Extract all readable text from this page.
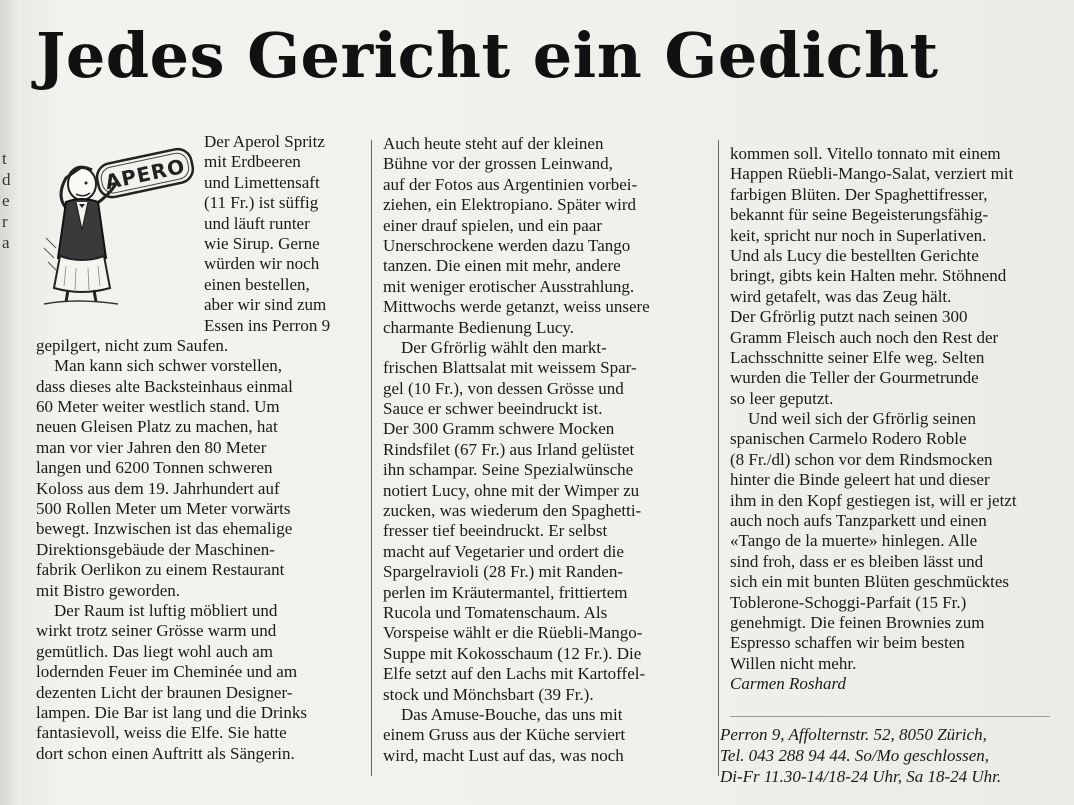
t
d
e
r
a
Jedes Gericht ein Gedicht
APERO
Der Aperol Spritz
mit Erdbeeren
und Limettensaft
(11 Fr.) ist süffig
und läuft runter
wie Sirup. Gerne
würden wir noch
einen bestellen,
aber wir sind zum
Essen ins Perron 9
gepilgert, nicht zum Saufen.
Man kann sich schwer vorstellen,
dass dieses alte Backsteinhaus einmal
60 Meter weiter westlich stand. Um
neuen Gleisen Platz zu machen, hat
man vor vier Jahren den 80 Meter
langen und 6200 Tonnen schweren
Koloss aus dem 19. Jahrhundert auf
500 Rollen Meter um Meter vorwärts
bewegt. Inzwischen ist das ehemalige
Direktionsgebäude der Maschinen-
fabrik Oerlikon zu einem Restaurant
mit Bistro geworden.
Der Raum ist luftig möbliert und
wirkt trotz seiner Grösse warm und
gemütlich. Das liegt wohl auch am
lodernden Feuer im Cheminée und am
dezenten Licht der braunen Designer-
lampen. Die Bar ist lang und die Drinks
fantasievoll, weiss die Elfe. Sie hatte
dort schon einen Auftritt als Sängerin.
Auch heute steht auf der kleinen
Bühne vor der grossen Leinwand,
auf der Fotos aus Argentinien vorbei-
ziehen, ein Elektropiano. Später wird
einer drauf spielen, und ein paar
Unerschrockene werden dazu Tango
tanzen. Die einen mit mehr, andere
mit weniger erotischer Ausstrahlung.
Mittwochs werde getanzt, weiss unsere
charmante Bedienung Lucy.
Der Gfrörlig wählt den markt-
frischen Blattsalat mit weissem Spar-
gel (10 Fr.), von dessen Grösse und
Sauce er schwer beeindruckt ist.
Der 300 Gramm schwere Mocken
Rindsfilet (67 Fr.) aus Irland gelüstet
ihn schampar. Seine Spezialwünsche
notiert Lucy, ohne mit der Wimper zu
zucken, was wiederum den Spaghetti-
fresser tief beeindruckt. Er selbst
macht auf Vegetarier und ordert die
Spargelravioli (28 Fr.) mit Randen-
perlen im Kräutermantel, frittiertem
Rucola und Tomatenschaum. Als
Vorspeise wählt er die Rüebli-Mango-
Suppe mit Kokosschaum (12 Fr.). Die
Elfe setzt auf den Lachs mit Kartoffel-
stock und Mönchsbart (39 Fr.).
Das Amuse-Bouche, das uns mit
einem Gruss aus der Küche serviert
wird, macht Lust auf das, was noch
kommen soll. Vitello tonnato mit einem
Happen Rüebli-Mango-Salat, verziert mit
farbigen Blüten. Der Spaghettifresser,
bekannt für seine Begeisterungsfähig-
keit, spricht nur noch in Superlativen.
Und als Lucy die bestellten Gerichte
bringt, gibts kein Halten mehr. Stöhnend
wird getafelt, was das Zeug hält.
Der Gfrörlig putzt nach seinen 300
Gramm Fleisch auch noch den Rest der
Lachsschnitte seiner Elfe weg. Selten
wurden die Teller der Gourmetrunde
so leer geputzt.
Und weil sich der Gfrörlig seinen
spanischen Carmelo Rodero Roble
(8 Fr./dl) schon vor dem Rindsmocken
hinter die Binde geleert hat und dieser
ihm in den Kopf gestiegen ist, will er jetzt
auch noch aufs Tanzparkett und einen
«Tango de la muerte» hinlegen. Alle
sind froh, dass er es bleiben lässt und
sich ein mit bunten Blüten geschmücktes
Toblerone-Schoggi-Parfait (15 Fr.)
genehmigt. Die feinen Brownies zum
Espresso schaffen wir beim besten
Willen nicht mehr.
Carmen Roshard
Perron 9, Affolternstr. 52, 8050 Zürich,
Tel. 043 288 94 44. So/Mo geschlossen,
Di-Fr 11.30-14/18-24 Uhr, Sa 18-24 Uhr.
